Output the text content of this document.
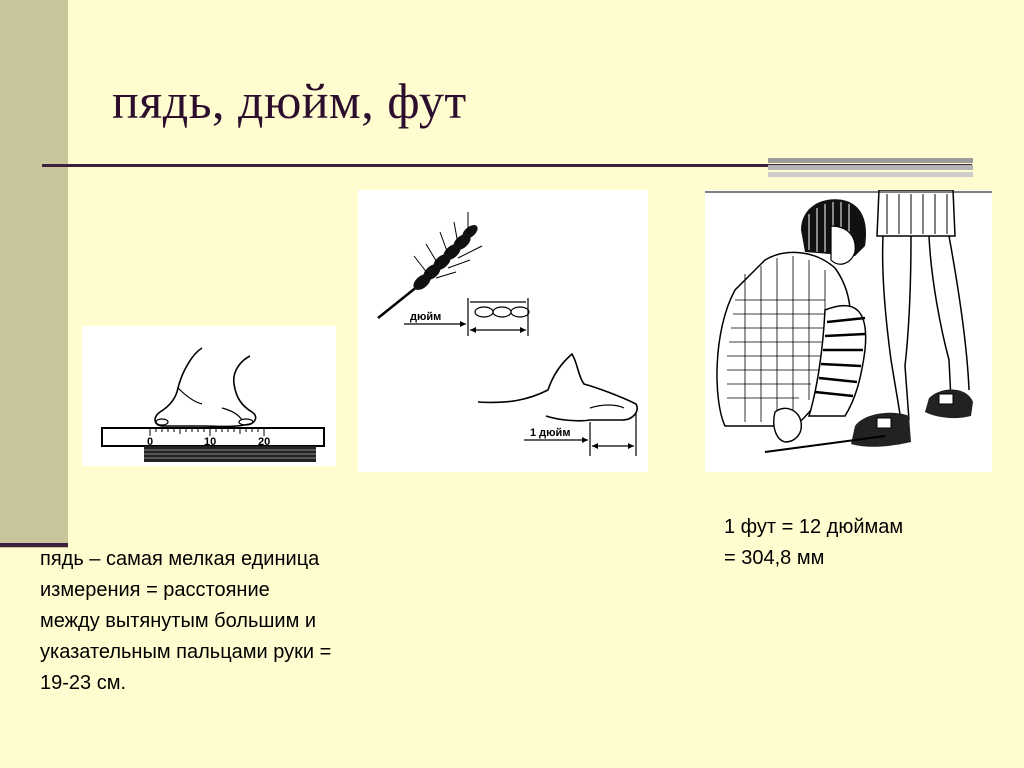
пядь, дюйм, фут
0	10	20
дюйм
1 дюйм

1 фут = 12 дюймам
= 304,8 мм

пядь – самая мелкая единица
измерения = расстояние
между вытянутым большим и
указательным пальцами руки =
19-23 см.
